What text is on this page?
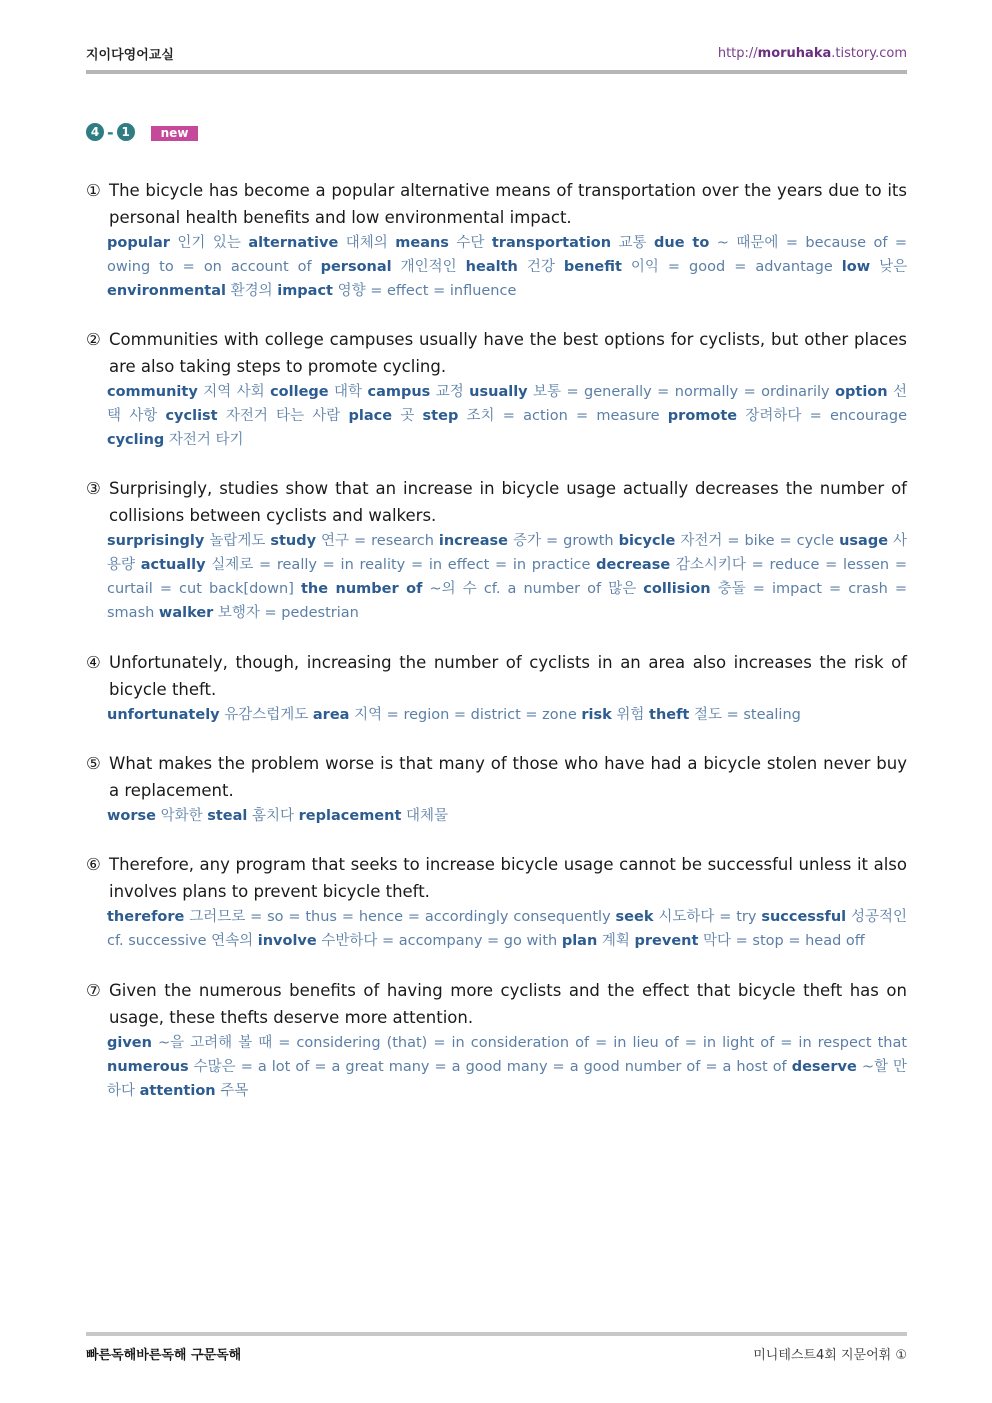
지이다영어교실	http://moruhaka.tistory.com
4 - 1	new
① The bicycle has become a popular alternative means of transportation over the years due to its personal health benefits and low environmental impact.
popular 인기 있는 alternative 대체의 means 수단 transportation 교통 due to ~ 때문에 = because of = owing to = on account of personal 개인적인 health 건강 benefit 이익 = good = advantage low 낮은 environmental 환경의 impact 영향 = effect = influence
② Communities with college campuses usually have the best options for cyclists, but other places are also taking steps to promote cycling.
community 지역 사회 college 대학 campus 교정 usually 보통 = generally = normally = ordinarily option 선택 사항 cyclist 자전거 타는 사람 place 곳 step 조치 = action = measure promote 장려하다 = encourage cycling 자전거 타기
③ Surprisingly, studies show that an increase in bicycle usage actually decreases the number of collisions between cyclists and walkers.
surprisingly 놀랍게도 study 연구 = research increase 증가 = growth bicycle 자전거 = bike = cycle usage 사용량 actually 실제로 = really = in reality = in effect = in practice decrease 감소시키다 = reduce = lessen = curtail = cut back[down] the number of ~의 수 cf. a number of 많은 collision 충돌 = impact = crash = smash walker 보행자 = pedestrian
④ Unfortunately, though, increasing the number of cyclists in an area also increases the risk of bicycle theft.
unfortunately 유감스럽게도 area 지역 = region = district = zone risk 위험 theft 절도 = stealing
⑤ What makes the problem worse is that many of those who have had a bicycle stolen never buy a replacement.
worse 악화한 steal 훔치다 replacement 대체물
⑥ Therefore, any program that seeks to increase bicycle usage cannot be successful unless it also involves plans to prevent bicycle theft.
therefore 그러므로 = so = thus = hence = accordingly consequently seek 시도하다 = try successful 성공적인 cf. successive 연속의 involve 수반하다 = accompany = go with plan 계획 prevent 막다 = stop = head off
⑦ Given the numerous benefits of having more cyclists and the effect that bicycle theft has on usage, these thefts deserve more attention.
given ~을 고려해 볼 때 = considering (that) = in consideration of = in lieu of = in light of = in respect that numerous 수많은 = a lot of = a great many = a good many = a good number of = a host of deserve ~할 만하다 attention 주목
빠른독해바른독해 구문독해	미니테스트4회 지문어휘 ①
